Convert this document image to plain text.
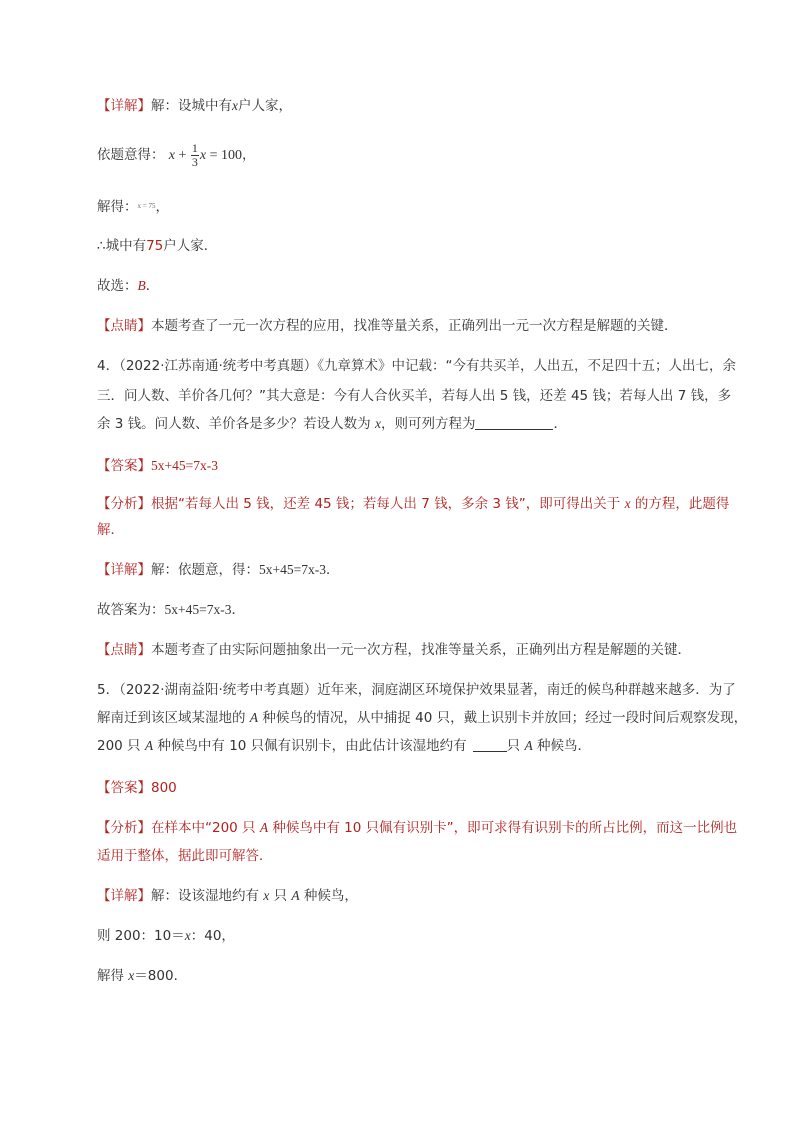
【详解】解：设城中有x户人家，
依题意得： $x + \frac{1}{3}$ x = 100，
解得：$^{x = 75}$，
∴城中有75户人家．
故选：B．
【点睛】本题考查了一元一次方程的应用，找准等量关系，正确列出一元一次方程是解题的关键．
4．（2022·江苏南通·统考中考真题）《九章算术》中记载：“今有共买羊，人出五，不足四十五；人出七，余
三．问人数、羊价各几何？”其大意是：今有人合伙买羊，若每人出 5 钱，还差 45 钱；若每人出 7 钱，多
余 3 钱。问人数、羊价各是多少？若设人数为 x，则可列方程为	．
【答案】5x+45=7x-3
【分析】根据“若每人出 5 钱，还差 45 钱；若每人出 7 钱，多余 3 钱”，即可得出关于 x 的方程，此题得
解．
【详解】解：依题意，得：5x+45=7x-3．
故答案为：5x+45=7x-3．
【点睛】本题考查了由实际问题抽象出一元一次方程，找准等量关系，正确列出方程是解题的关键．
5．（2022·湖南益阳·统考中考真题）近年来，洞庭湖区环境保护效果显著，南迁的候鸟种群越来越多．为了
解南迁到该区域某湿地的 A 种候鸟的情况，从中捕捉 40 只，戴上识别卡并放回；经过一段时间后观察发现，
200 只 A 种候鸟中有 10 只佩有识别卡，由此估计该湿地约有	只 A 种候鸟．
【答案】800
【分析】在样本中“200 只 A 种候鸟中有 10 只佩有识别卡”，即可求得有识别卡的所占比例，而这一比例也
适用于整体，据此即可解答．
【详解】解：设该湿地约有 x 只 A 种候鸟，
则 200：10＝x：40，
解得 x＝800．
